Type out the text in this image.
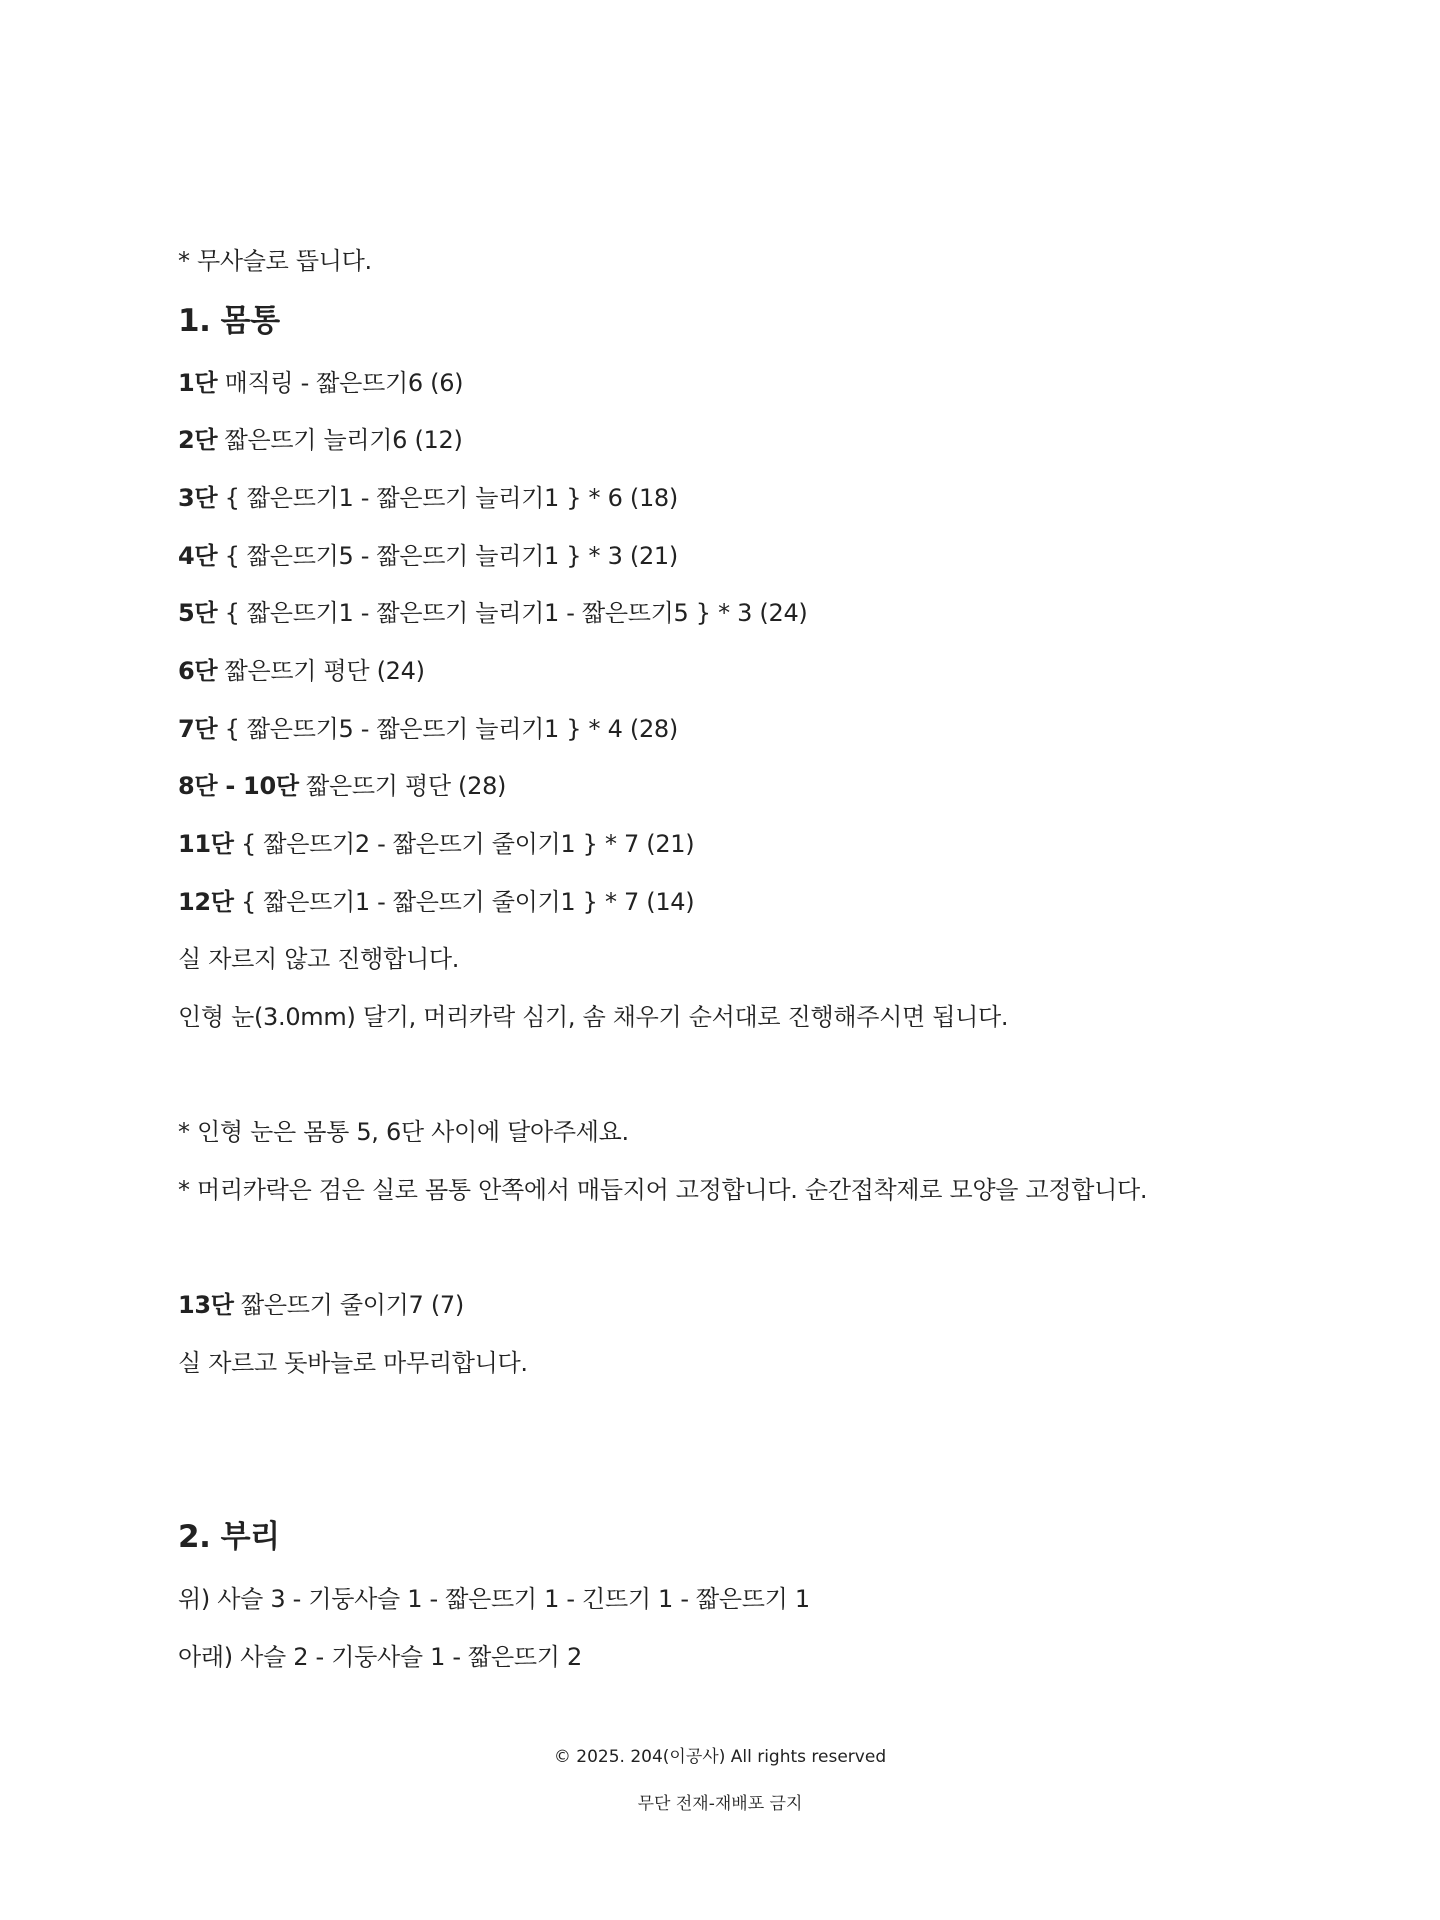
* 무사슬로 뜹니다.
1. 몸통
1단 매직링 - 짧은뜨기6 (6)
2단 짧은뜨기 늘리기6 (12)
3단 { 짧은뜨기1 - 짧은뜨기 늘리기1 } * 6 (18)
4단 { 짧은뜨기5 - 짧은뜨기 늘리기1 } * 3 (21)
5단 { 짧은뜨기1 - 짧은뜨기 늘리기1 - 짧은뜨기5 } * 3 (24)
6단 짧은뜨기 평단 (24)
7단 { 짧은뜨기5 - 짧은뜨기 늘리기1 } * 4 (28)
8단 - 10단 짧은뜨기 평단 (28)
11단 { 짧은뜨기2 - 짧은뜨기 줄이기1 } * 7 (21)
12단 { 짧은뜨기1 - 짧은뜨기 줄이기1 } * 7 (14)
실 자르지 않고 진행합니다.
인형 눈(3.0mm) 달기, 머리카락 심기, 솜 채우기 순서대로 진행해주시면 됩니다.
* 인형 눈은 몸통 5, 6단 사이에 달아주세요.
* 머리카락은 검은 실로 몸통 안쪽에서 매듭지어 고정합니다. 순간접착제로 모양을 고정합니다.
13단 짧은뜨기 줄이기7 (7)
실 자르고 돗바늘로 마무리합니다.
2. 부리
위) 사슬 3 - 기둥사슬 1 - 짧은뜨기 1 - 긴뜨기 1 - 짧은뜨기 1
아래) 사슬 2 - 기둥사슬 1 - 짧은뜨기 2
© 2025. 204(이공사) All rights reserved
무단 전재-재배포 금지
